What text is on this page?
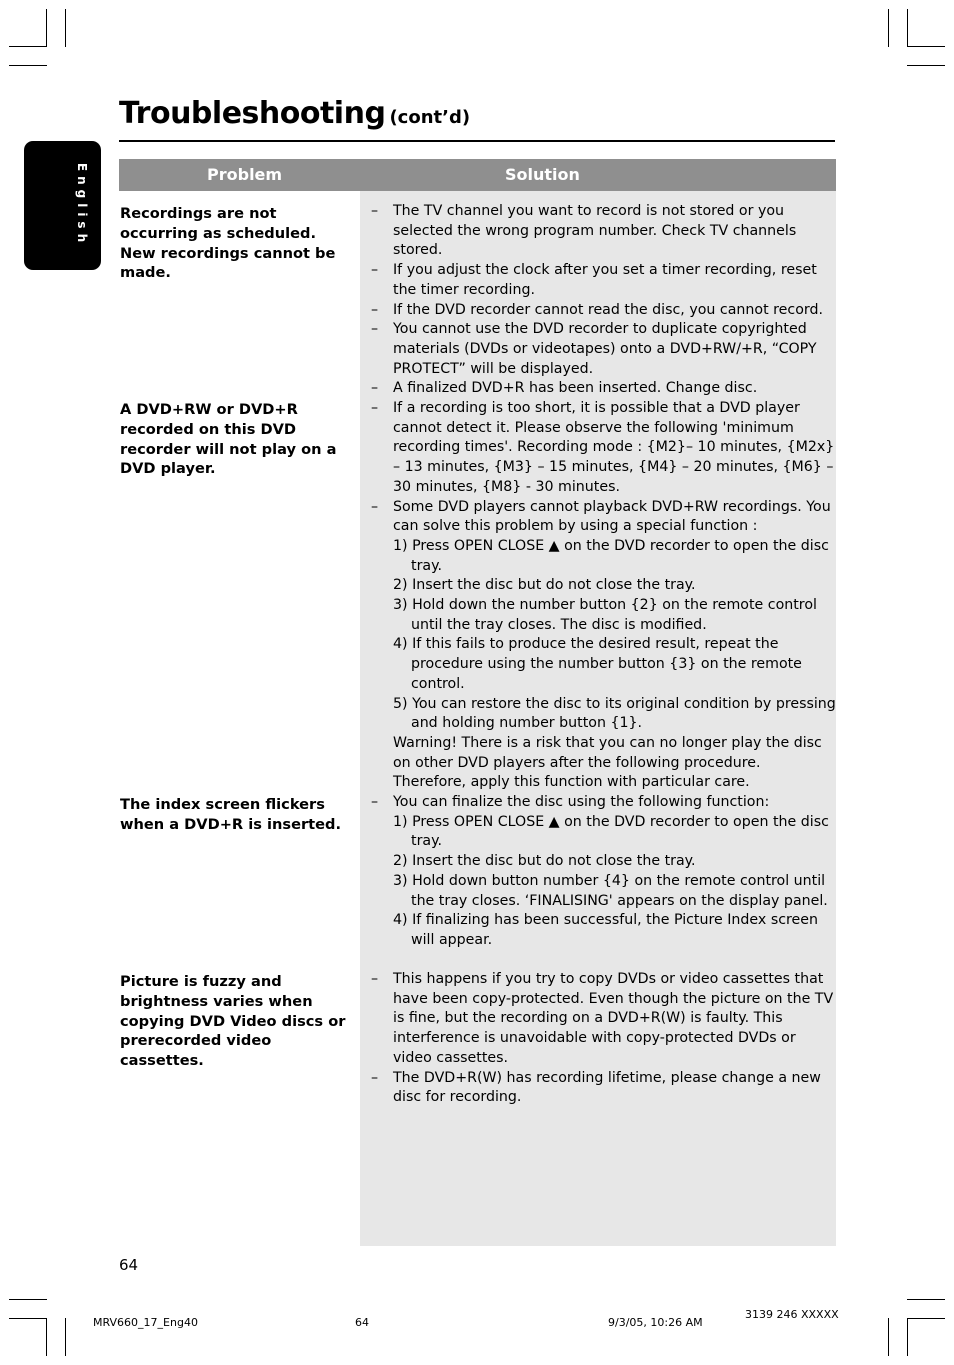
Troubleshooting (cont’d)
English	Problem	Solution
Recordings are not occurring as scheduled. New recordings cannot be made.
–	The TV channel you want to record is not stored or you selected the wrong program number. Check TV channels stored.
–	If you adjust the clock after you set a timer recording, reset the timer recording.
–	If the DVD recorder cannot read the disc, you cannot record.
–	You cannot use the DVD recorder to duplicate copyrighted materials (DVDs or videotapes) onto a DVD+RW/+R, “COPY PROTECT” will be displayed.
–	A finalized DVD+R has been inserted. Change disc.
A DVD+RW or DVD+R recorded on this DVD recorder will not play on a DVD player.
–	If a recording is too short, it is possible that a DVD player cannot detect it. Please observe the following 'minimum recording times'. Recording mode : {M2}– 10 minutes, {M2x} – 13 minutes, {M3} – 15 minutes, {M4} – 20 minutes, {M6} – 30 minutes, {M8} - 30 minutes.
–	Some DVD players cannot playback DVD+RW recordings. You can solve this problem by using a special function :
1) Press OPEN CLOSE ▲ on the DVD recorder to open the disc tray.
2) Insert the disc but do not close the tray.
3) Hold down the number button {2} on the remote control until the tray closes. The disc is modified.
4) If this fails to produce the desired result, repeat the procedure using the number button {3} on the remote control.
5) You can restore the disc to its original condition by pressing and holding number button {1}.
Warning! There is a risk that you can no longer play the disc on other DVD players after the following procedure. Therefore, apply this function with particular care.
The index screen flickers when a DVD+R is inserted.
–	You can finalize the disc using the following function:
1) Press OPEN CLOSE ▲ on the DVD recorder to open the disc tray.
2) Insert the disc but do not close the tray.
3) Hold down button number {4} on the remote control until the tray closes. ‘FINALISING' appears on the display panel.
4) If finalizing has been successful, the Picture Index screen will appear.
Picture is fuzzy and brightness varies when copying DVD Video discs or prerecorded video cassettes.
–	This happens if you try to copy DVDs or video cassettes that have been copy-protected. Even though the picture on the TV is fine, but the recording on a DVD+R(W) is faulty. This interference is unavoidable with copy-protected DVDs or video cassettes.
–	The DVD+R(W) has recording lifetime, please change a new disc for recording.
64
MRV660_17_Eng40	64	9/3/05, 10:26 AM
3139 246 XXXXX
